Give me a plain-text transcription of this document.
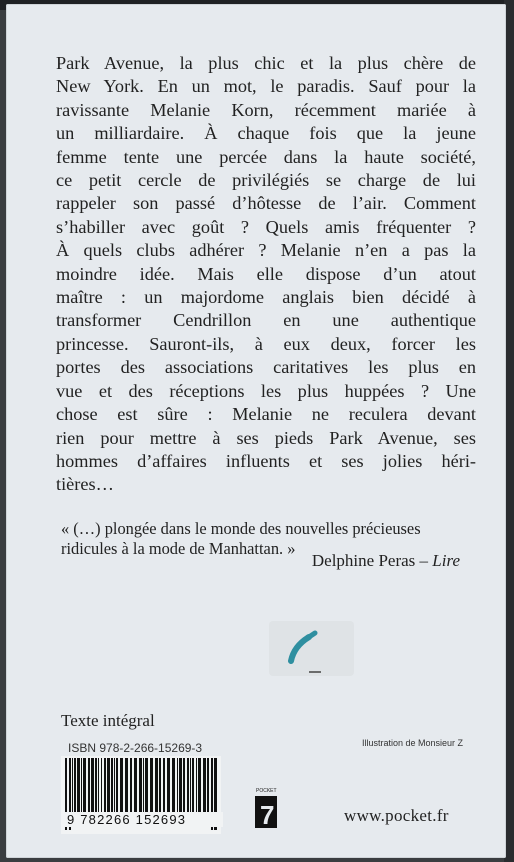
Park Avenue, la plus chic et la plus chère de
New York. En un mot, le paradis. Sauf pour la
ravissante Melanie Korn, récemment mariée à
un milliardaire. À chaque fois que la jeune
femme tente une percée dans la haute société,
ce petit cercle de privilégiés se charge de lui
rappeler son passé d’hôtesse de l’air. Comment
s’habiller avec goût ? Quels amis fréquenter ?
À quels clubs adhérer ? Melanie n’en a pas la
moindre idée. Mais elle dispose d’un atout
maître : un majordome anglais bien décidé à
transformer Cendrillon en une authentique
princesse. Sauront-ils, à eux deux, forcer les
portes des associations caritatives les plus en
vue et des réceptions les plus huppées ? Une
chose est sûre : Melanie ne reculera devant
rien pour mettre à ses pieds Park Avenue, ses
hommes d’affaires influents et ses jolies héri-
tières…
« (…) plongée dans le monde des nouvelles précieuses
ridicules à la mode de Manhattan. »
Delphine Peras – Lire
Texte intégral
ISBN 978-2-266-15269-3	Illustration de Monsieur Z
9 782266 152693
POCKET
7	www.pocket.fr
